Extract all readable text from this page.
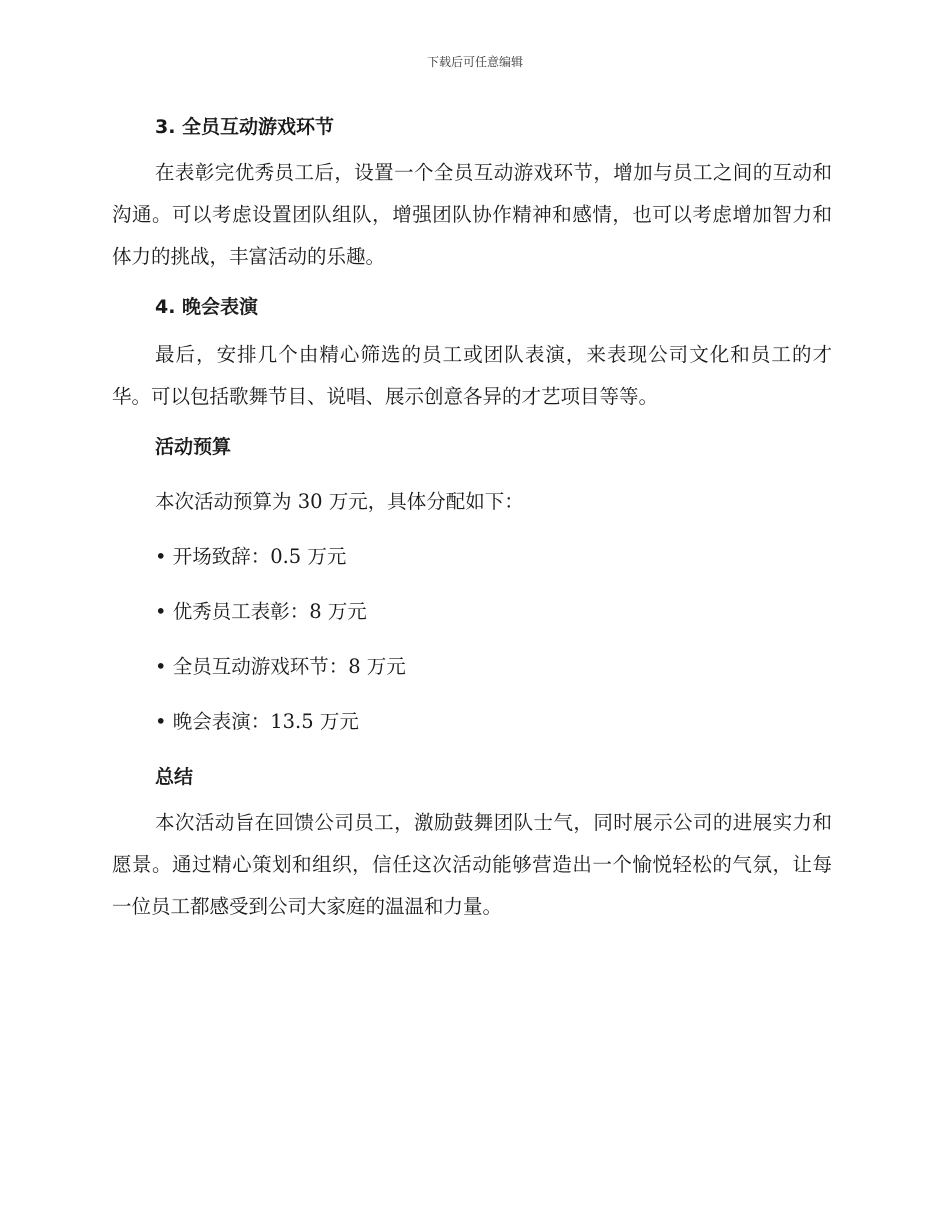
下载后可任意编辑
3. 全员互动游戏环节
在表彰完优秀员工后，设置一个全员互动游戏环节，增加与员工之间的互动和沟通。可以考虑设置团队组队，增强团队协作精神和感情，也可以考虑增加智力和体力的挑战，丰富活动的乐趣。
4. 晚会表演
最后，安排几个由精心筛选的员工或团队表演，来表现公司文化和员工的才华。可以包括歌舞节目、说唱、展示创意各异的才艺项目等等。
活动预算
本次活动预算为 30 万元，具体分配如下：
• 开场致辞：0.5 万元
• 优秀员工表彰：8 万元
• 全员互动游戏环节：8 万元
• 晚会表演：13.5 万元
总结
本次活动旨在回馈公司员工，激励鼓舞团队士气，同时展示公司的进展实力和愿景。通过精心策划和组织，信任这次活动能够营造出一个愉悦轻松的气氛，让每一位员工都感受到公司大家庭的温温和力量。
